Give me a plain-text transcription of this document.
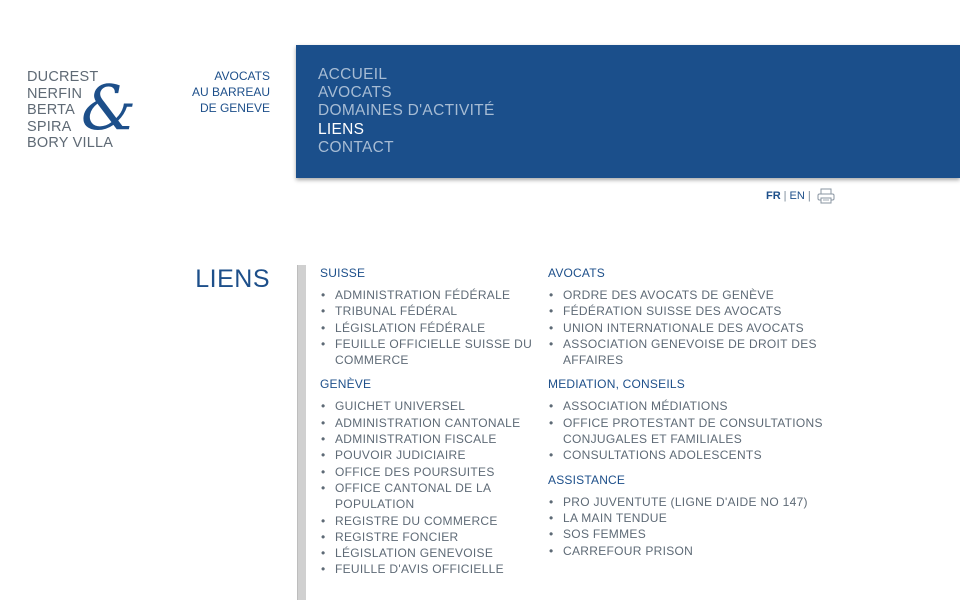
DUCREST
NERFIN
BERTA
SPIRA
BORY VILLA
&	AVOCATS
AU BARREAU
DE GENEVE
ACCUEIL
AVOCATS
DOMAINES D'ACTIVITÉ
LIENS
CONTACT
FR | EN |
LIENS	SUISSE
• ADMINISTRATION FÉDÉRALE
• TRIBUNAL FÉDÉRAL
• LÉGISLATION FÉDÉRALE
• FEUILLE OFFICIELLE SUISSE DU COMMERCE
GENÈVE
• GUICHET UNIVERSEL
• ADMINISTRATION CANTONALE
• ADMINISTRATION FISCALE
• POUVOIR JUDICIAIRE
• OFFICE DES POURSUITES
• OFFICE CANTONAL DE LA POPULATION
• REGISTRE DU COMMERCE
• REGISTRE FONCIER
• LÉGISLATION GENEVOISE
• FEUILLE D'AVIS OFFICIELLE
AVOCATS
• ORDRE DES AVOCATS DE GENÈVE
• FÉDÉRATION SUISSE DES AVOCATS
• UNION INTERNATIONALE DES AVOCATS
• ASSOCIATION GENEVOISE DE DROIT DES AFFAIRES
MEDIATION, CONSEILS
• ASSOCIATION MÉDIATIONS
• OFFICE PROTESTANT DE CONSULTATIONS CONJUGALES ET FAMILIALES
• CONSULTATIONS ADOLESCENTS
ASSISTANCE
• PRO JUVENTUTE (LIGNE D'AIDE NO 147)
• LA MAIN TENDUE
• SOS FEMMES
• CARREFOUR PRISON
